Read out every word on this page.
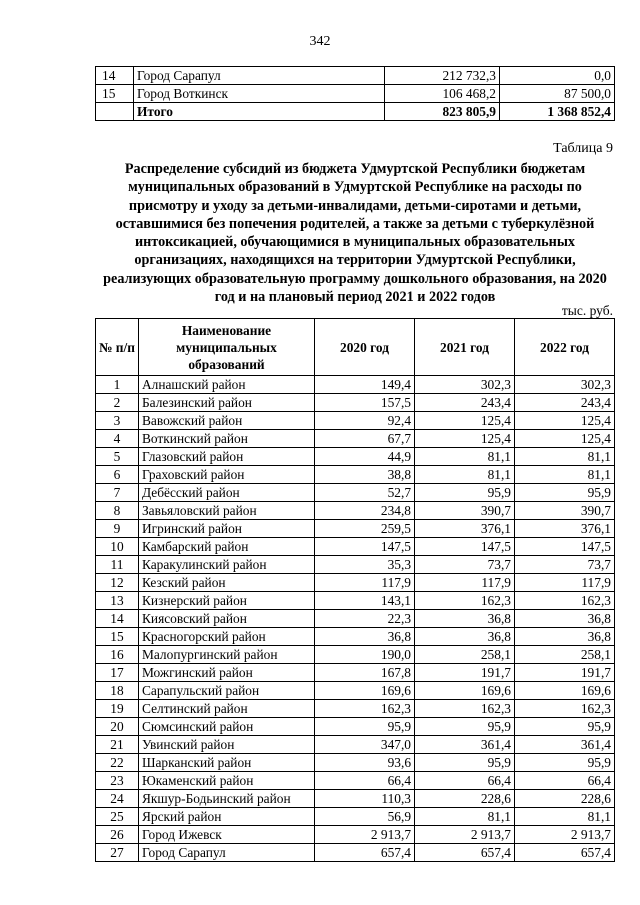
342
14	Город Сарапул	212 732,3	0,0
15	Город Воткинск	106 468,2	87 500,0
	Итого	823 805,9	1 368 852,4
Таблица 9
Распределение субсидий из бюджета Удмуртской Республики бюджетам муниципальных образований в Удмуртской Республике на расходы по присмотру и уходу за детьми-инвалидами, детьми-сиротами и детьми, оставшимися без попечения родителей, а также за детьми с туберкулёзной интоксикацией, обучающимися в муниципальных образовательных организациях, находящихся на территории Удмуртской Республики, реализующих образовательную программу дошкольного образования, на 2020 год и на плановый период 2021 и 2022 годов
тыс. руб.
№ п/п	Наименование муниципальных образований	2020 год	2021 год	2022 год
1	Алнашский район	149,4	302,3	302,3
2	Балезинский район	157,5	243,4	243,4
3	Вавожский район	92,4	125,4	125,4
4	Воткинский район	67,7	125,4	125,4
5	Глазовский район	44,9	81,1	81,1
6	Граховский район	38,8	81,1	81,1
7	Дебёсский район	52,7	95,9	95,9
8	Завьяловский район	234,8	390,7	390,7
9	Игринский район	259,5	376,1	376,1
10	Камбарский район	147,5	147,5	147,5
11	Каракулинский район	35,3	73,7	73,7
12	Кезский район	117,9	117,9	117,9
13	Кизнерский район	143,1	162,3	162,3
14	Киясовский район	22,3	36,8	36,8
15	Красногорский район	36,8	36,8	36,8
16	Малопургинский район	190,0	258,1	258,1
17	Можгинский район	167,8	191,7	191,7
18	Сарапульский район	169,6	169,6	169,6
19	Селтинский район	162,3	162,3	162,3
20	Сюмсинский район	95,9	95,9	95,9
21	Увинский район	347,0	361,4	361,4
22	Шарканский район	93,6	95,9	95,9
23	Юкаменский район	66,4	66,4	66,4
24	Якшур-Бодьинский район	110,3	228,6	228,6
25	Ярский район	56,9	81,1	81,1
26	Город Ижевск	2 913,7	2 913,7	2 913,7
27	Город Сарапул	657,4	657,4	657,4
